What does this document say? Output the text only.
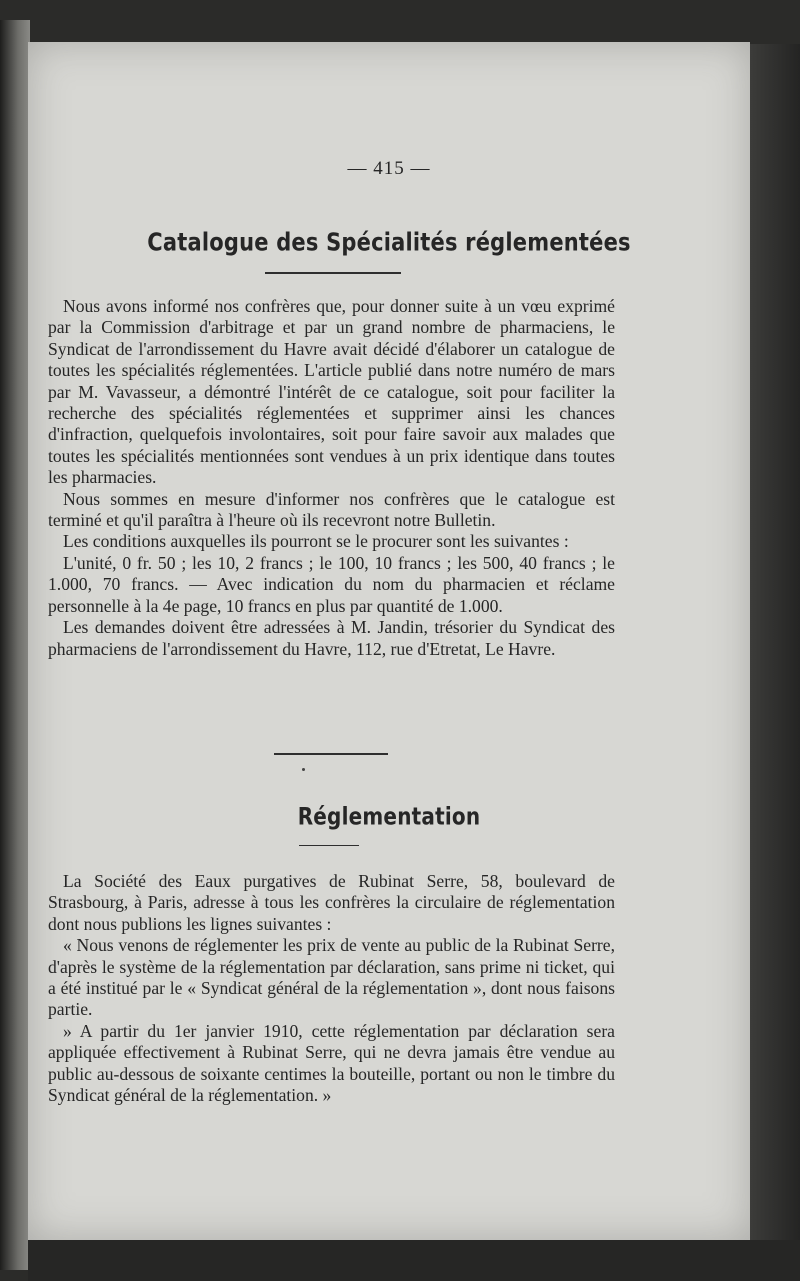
— 415 —
Catalogue des Spécialités réglementées

Nous avons informé nos confrères que, pour donner suite à un vœu exprimé par la Commission d'arbitrage et par un grand nombre de pharmaciens, le Syndicat de l'arrondissement du Havre avait décidé d'élaborer un catalogue de toutes les spécialités réglementées. L'article publié dans notre numéro de mars par M. Vavasseur, a démontré l'intérêt de ce catalogue, soit pour faciliter la recherche des spécialités réglementées et supprimer ainsi les chances d'infraction, quelquefois involontaires, soit pour faire savoir aux malades que toutes les spécialités mentionnées sont vendues à un prix identique dans toutes les pharmacies.

Nous sommes en mesure d'informer nos confrères que le catalogue est terminé et qu'il paraîtra à l'heure où ils recevront notre Bulletin.

Les conditions auxquelles ils pourront se le procurer sont les suivantes :

L'unité, 0 fr. 50 ; les 10, 2 francs ; le 100, 10 francs ; les 500, 40 francs ; le 1.000, 70 francs. — Avec indication du nom du pharmacien et réclame personnelle à la 4e page, 10 francs en plus par quantité de 1.000.

Les demandes doivent être adressées à M. Jandin, trésorier du Syndicat des pharmaciens de l'arrondissement du Havre, 112, rue d'Etretat, Le Havre.

Réglementation

La Société des Eaux purgatives de Rubinat Serre, 58, boulevard de Strasbourg, à Paris, adresse à tous les confrères la circulaire de réglementation dont nous publions les lignes suivantes :

« Nous venons de réglementer les prix de vente au public de la Rubinat Serre, d'après le système de la réglementation par déclaration, sans prime ni ticket, qui a été institué par le « Syndicat général de la réglementation », dont nous faisons partie.

» A partir du 1er janvier 1910, cette réglementation par déclaration sera appliquée effectivement à Rubinat Serre, qui ne devra jamais être vendue au public au-dessous de soixante centimes la bouteille, portant ou non le timbre du Syndicat général de la réglementation. »
